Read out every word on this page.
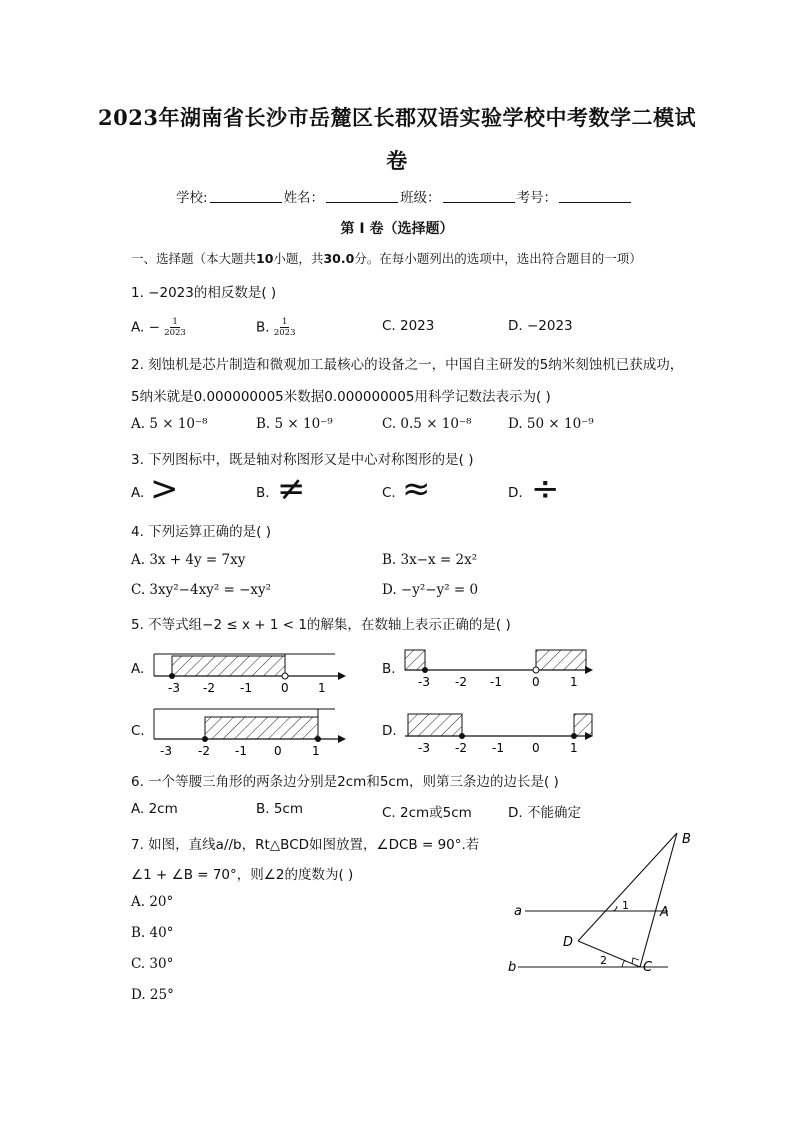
2023年湖南省长沙市岳麓区长郡双语实验学校中考数学二模试
卷
学校:	姓名：	班级：	考号：
第 I 卷（选择题）
一、选择题（本大题共10小题，共30.0分。在每小题列出的选项中，选出符合题目的一项）
1. −2023的相反数是( )
A. − $\frac{1}{2023}$	B. $\frac{1}{2023}$	C. 2023	D. −2023
2. 刻蚀机是芯片制造和微观加工最核心的设备之一，中国自主研发的5纳米刻蚀机已获成功，
5纳米就是0.000000005米数据0.000000005用科学记数法表示为( )
A. 5 × 10⁻⁸	B. 5 × 10⁻⁹	C. 0.5 × 10⁻⁸	D. 50 × 10⁻⁹
3. 下列图标中，既是轴对称图形又是中心对称图形的是( )
A. >	B. ≠	C. ≈	D. ÷
4. 下列运算正确的是( )
A. 3x + 4y = 7xy	B. 3x−x = 2x²
C. 3xy²−4xy² = −xy²	D. −y²−y² = 0
5. 不等式组−2 ≤ x + 1 < 1的解集，在数轴上表示正确的是( )
-3 -2 -1 0 1	-3 -2 -1	0	1
-3 -2 -1 0	1	-3 -2 -1 0	1
B
A
a
b
D
C
1
2
A.	B.
C.	D.
6. 一个等腰三角形的两条边分别是2cm和5cm，则第三条边的边长是( )
A. 2cm	B. 5cm	C. 2cm或5cm	D. 不能确定
7. 如图，直线a//b，Rt△BCD如图放置，∠DCB = 90°.若
∠1 + ∠B = 70°，则∠2的度数为( )
A. 20°
B. 40°
C. 30°
D. 25°
